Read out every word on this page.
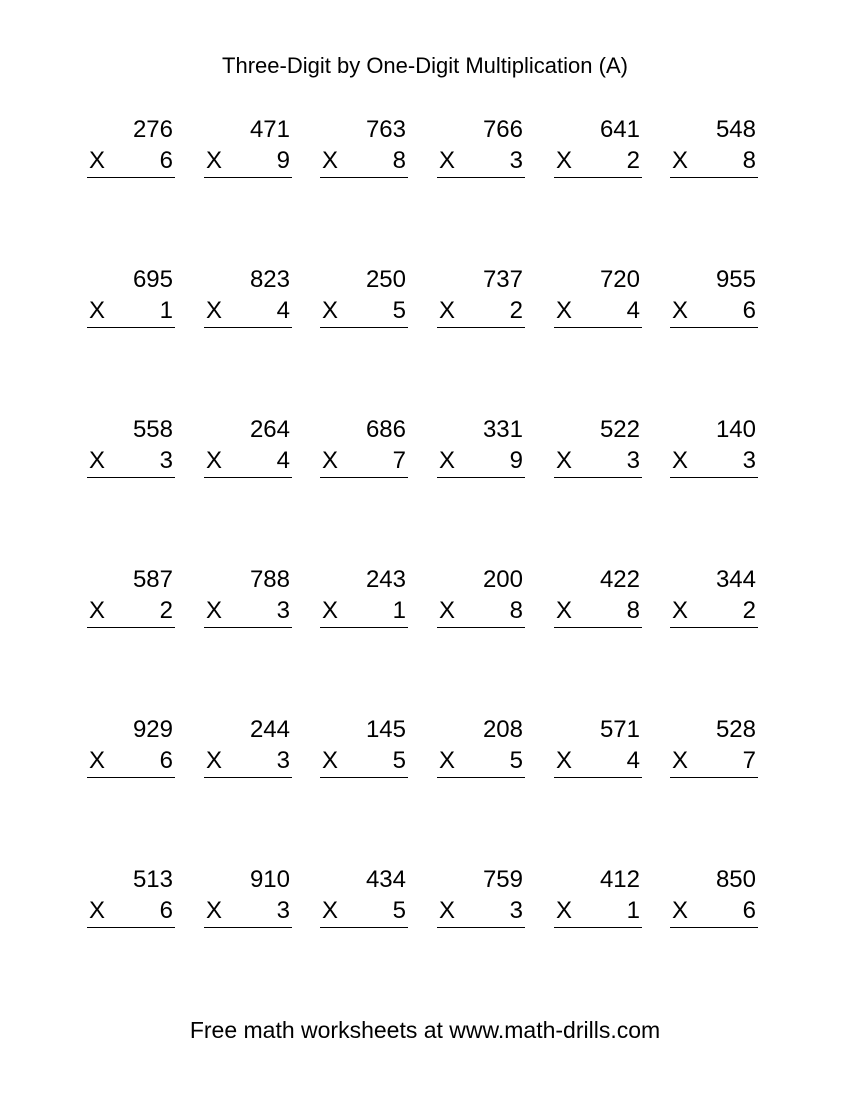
Three-Digit by One-Digit Multiplication (A)
276
X 6
471
X 9
763
X 8
766
X 3
641
X 2
548
X 8
695
X 1
823
X 4
250
X 5
737
X 2
720
X 4
955
X 6
558
X 3
264
X 4
686
X 7
331
X 9
522
X 3
140
X 3
587
X 2
788
X 3
243
X 1
200
X 8
422
X 8
344
X 2
929
X 6
244
X 3
145
X 5
208
X 5
571
X 4
528
X 7
513
X 6
910
X 3
434
X 5
759
X 3
412
X 1
850
X 6
Free math worksheets at www.math-drills.com
